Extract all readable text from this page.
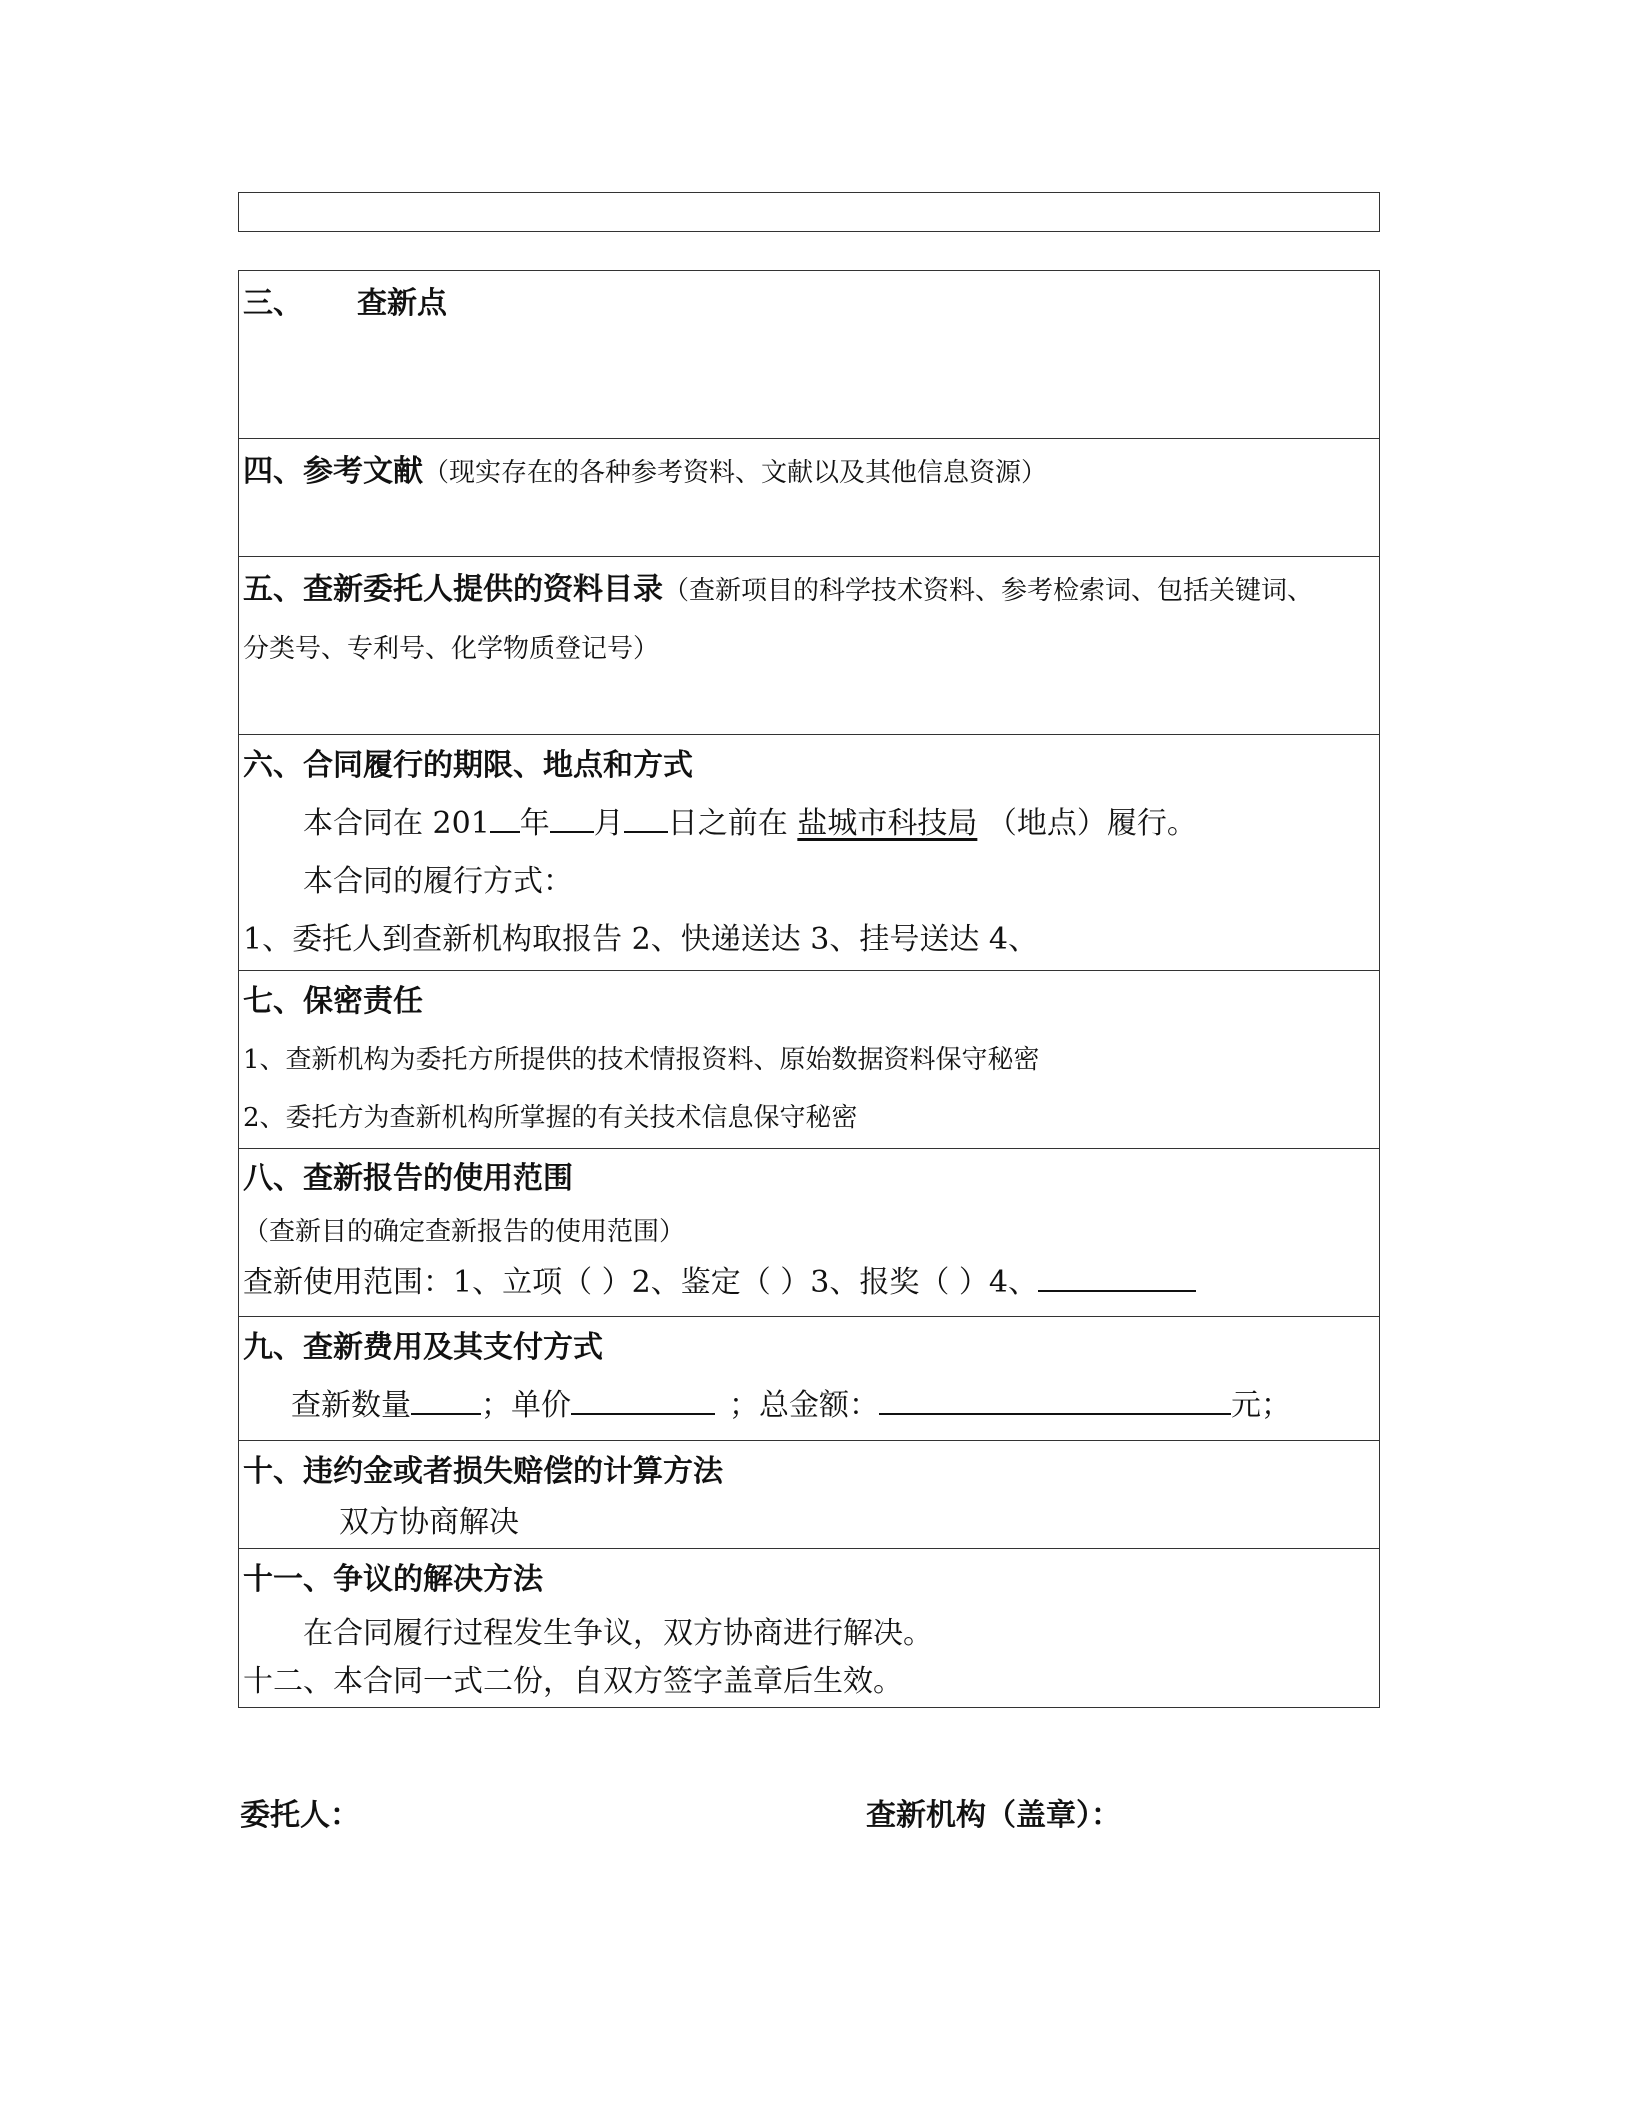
三、 查新点
四、参考文献（现实存在的各种参考资料、文献以及其他信息资源）
五、查新委托人提供的资料目录（查新项目的科学技术资料、参考检索词、包括关键词、
分类号、专利号、化学物质登记号）
六、合同履行的期限、地点和方式
本合同在 201 年 月 日之前在 盐城市科技局 （地点）履行。
本合同的履行方式：
1、委托人到查新机构取报告 2、快递送达 3、挂号送达 4、
七、保密责任
1、查新机构为委托方所提供的技术情报资料、原始数据资料保守秘密
2、委托方为查新机构所掌握的有关技术信息保守秘密
八、查新报告的使用范围
（查新目的确定查新报告的使用范围）
查新使用范围：1、立项（ ）2、鉴定（ ）3、报奖（ ）4、
九、查新费用及其支付方式
查新数量 ；单价	；总金额：	元；
十、违约金或者损失赔偿的计算方法
双方协商解决
十一、争议的解决方法
在合同履行过程发生争议，双方协商进行解决。
十二、本合同一式二份，自双方签字盖章后生效。
委托人：	查新机构（盖章）：
